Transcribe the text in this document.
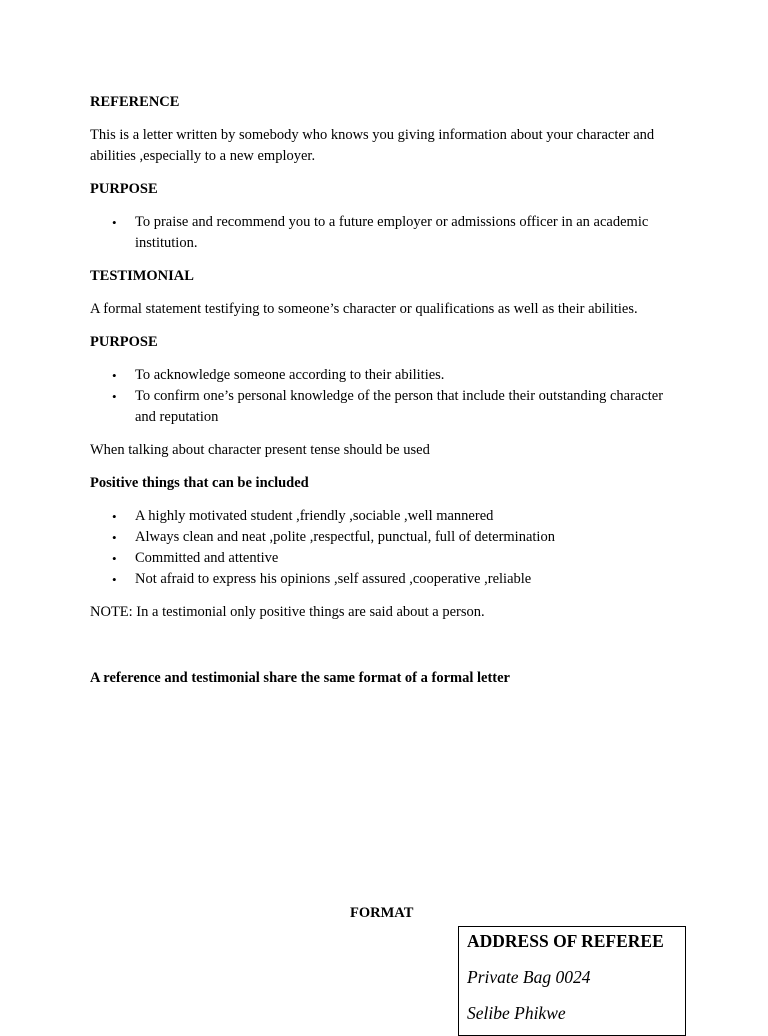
REFERENCE
This is a letter written by somebody who knows you giving information about your character and abilities ,especially to a new employer.
PURPOSE
• To praise and recommend you to a future employer or admissions officer in an academic institution.
TESTIMONIAL
A formal statement testifying to someone’s character or qualifications as well as their abilities.
PURPOSE
• To acknowledge someone according to their abilities.
• To confirm one’s personal knowledge of the person that include their outstanding character and reputation
When talking about character present tense should be used
Positive things that can be included
• A highly motivated student ,friendly ,sociable ,well mannered
• Always clean and neat ,polite ,respectful, punctual, full of determination
• Committed and attentive
• Not afraid to express his opinions ,self assured ,cooperative ,reliable
NOTE: In a testimonial only positive things are said about a person.
A reference and testimonial share the same format of a formal letter
FORMAT
ADDRESS OF REFEREE
Private Bag 0024
Selibe Phikwe
